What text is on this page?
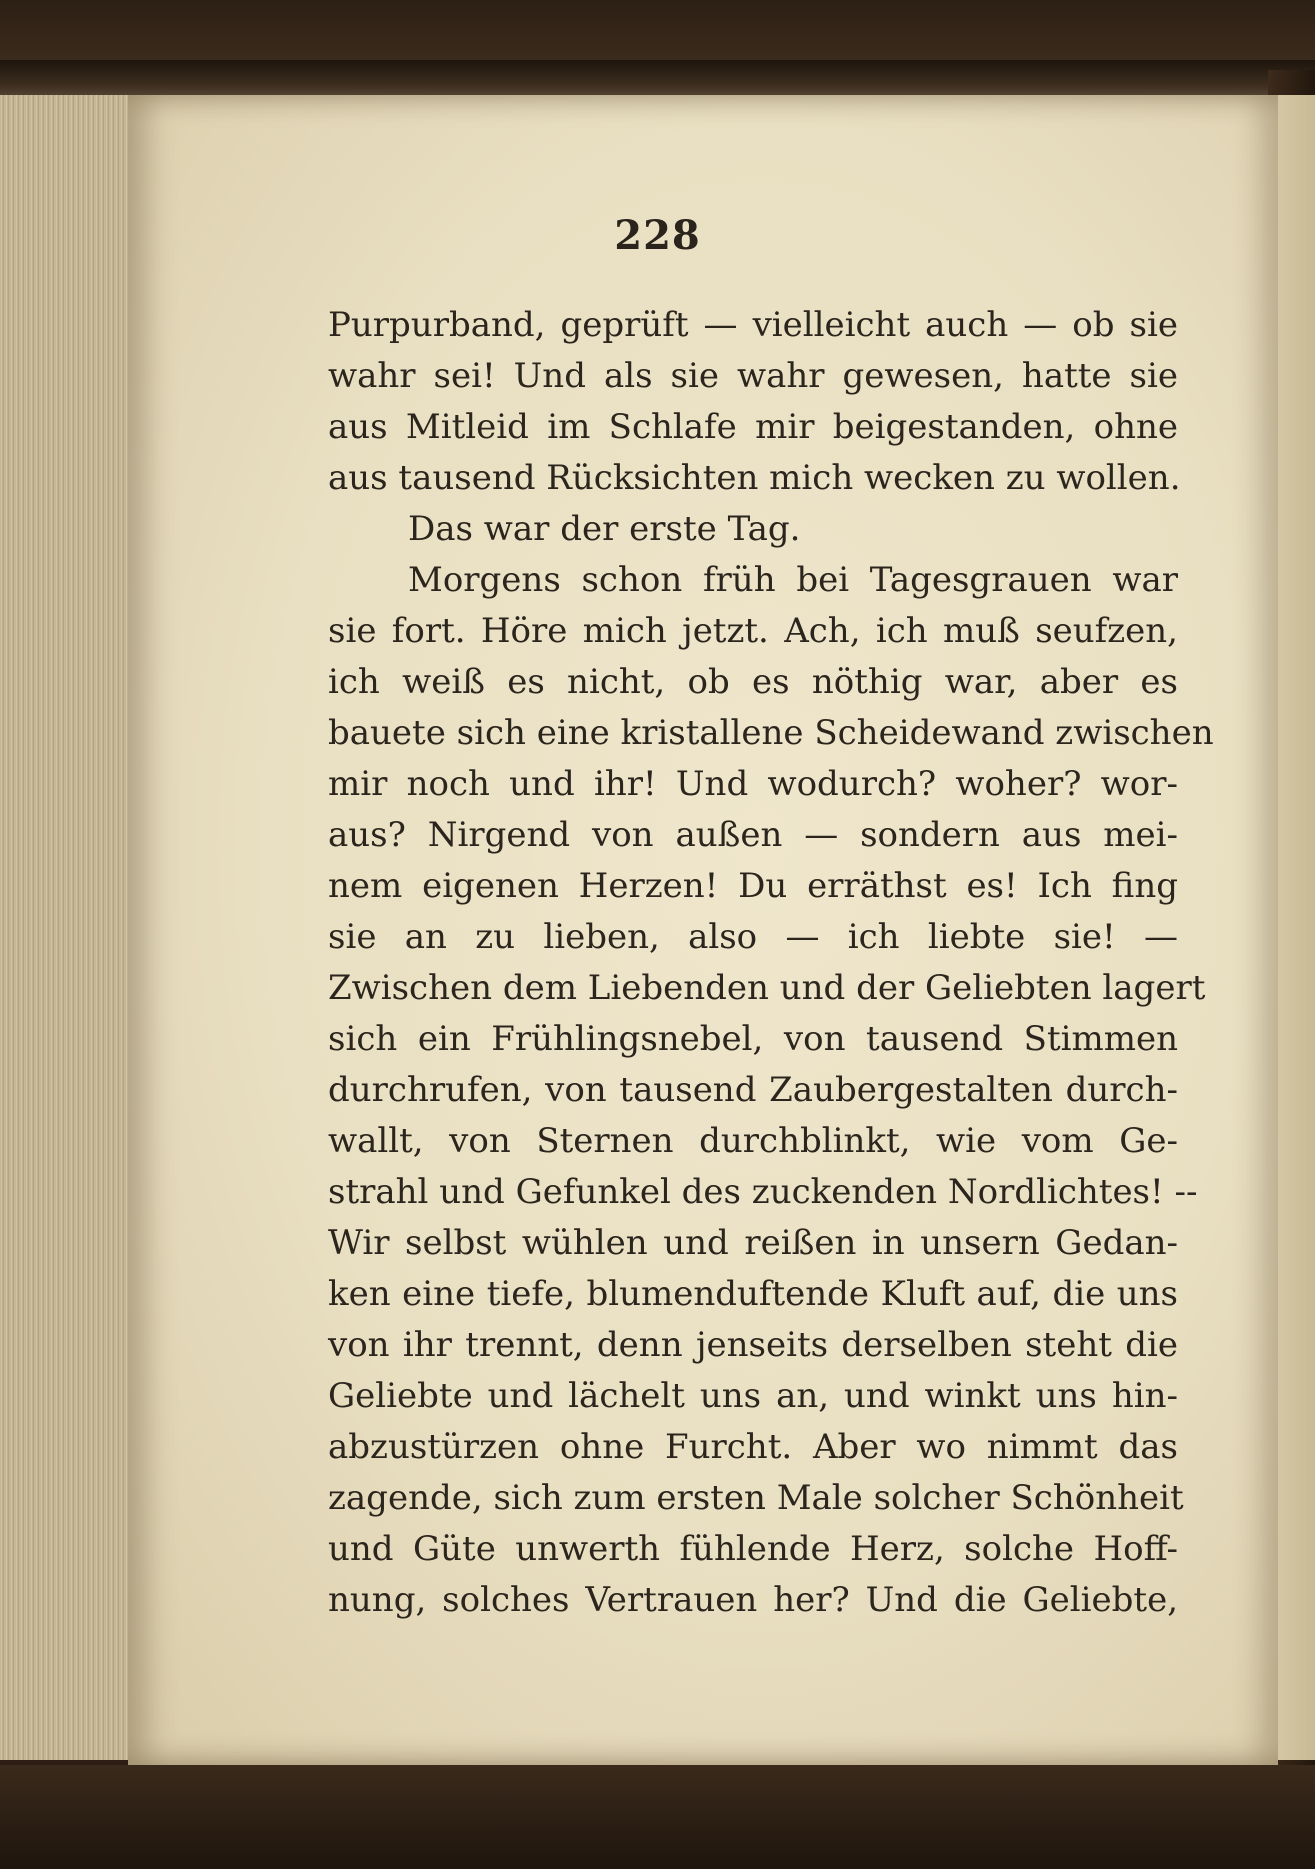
228
Purpurband, geprüft — vielleicht auch — ob sie
wahr sei! Und als sie wahr gewesen, hatte sie
aus Mitleid im Schlafe mir beigestanden, ohne
aus tausend Rücksichten mich wecken zu wollen.
Das war der erste Tag.
Morgens schon früh bei Tagesgrauen war
sie fort. Höre mich jetzt. Ach, ich muß seufzen,
ich weiß es nicht, ob es nöthig war, aber es
bauete sich eine kristallene Scheidewand zwischen
mir noch und ihr! Und wodurch? woher? wor-
aus? Nirgend von außen — sondern aus mei-
nem eigenen Herzen! Du erräthst es! Ich fing
sie an zu lieben, also — ich liebte sie! —
Zwischen dem Liebenden und der Geliebten lagert
sich ein Frühlingsnebel, von tausend Stimmen
durchrufen, von tausend Zaubergestalten durch-
wallt, von Sternen durchblinkt, wie vom Ge-
strahl und Gefunkel des zuckenden Nordlichtes! --
Wir selbst wühlen und reißen in unsern Gedan-
ken eine tiefe, blumenduftende Kluft auf, die uns
von ihr trennt, denn jenseits derselben steht die
Geliebte und lächelt uns an, und winkt uns hin-
abzustürzen ohne Furcht. Aber wo nimmt das
zagende, sich zum ersten Male solcher Schönheit
und Güte unwerth fühlende Herz, solche Hoff-
nung, solches Vertrauen her? Und die Geliebte,
